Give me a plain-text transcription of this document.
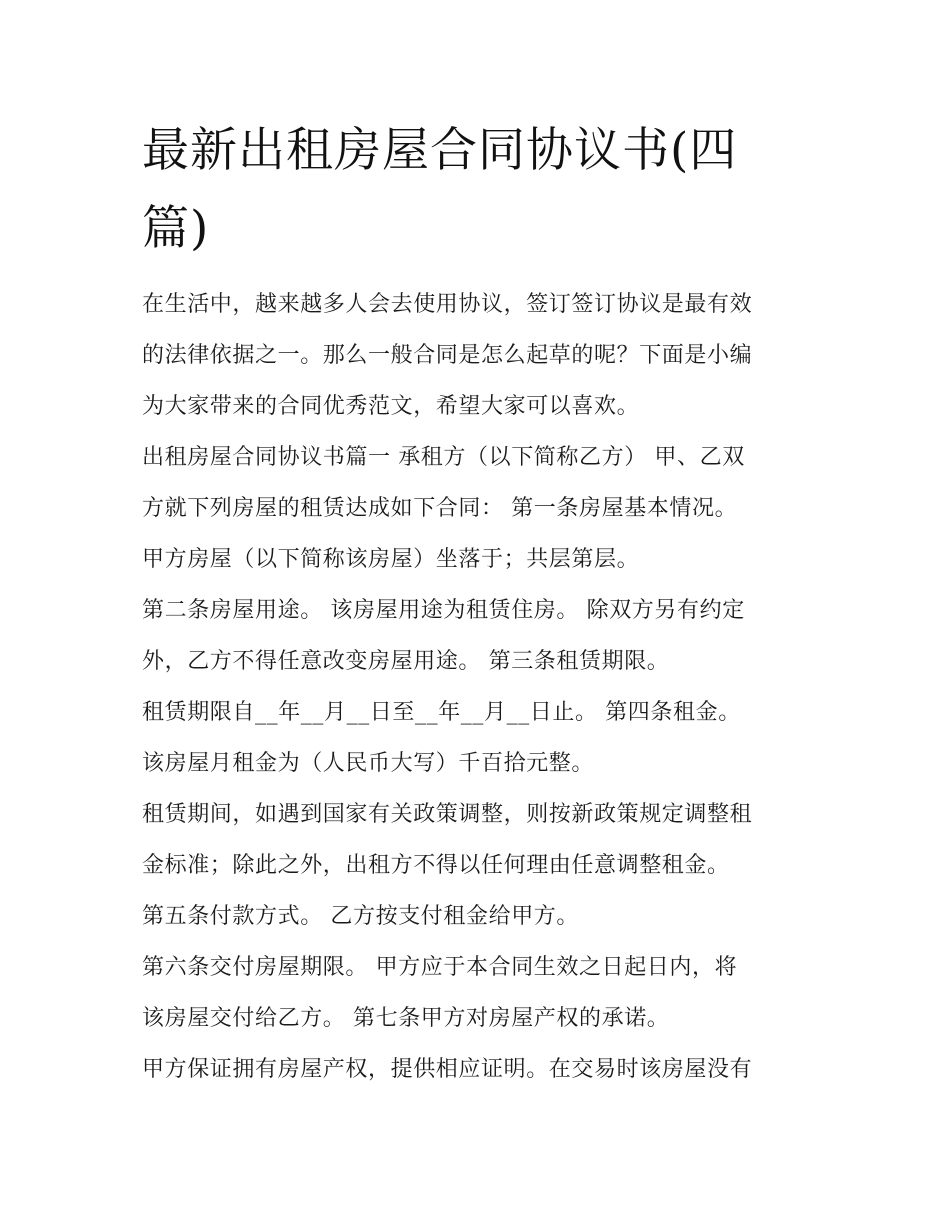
最新出租房屋合同协议书(四
篇)

在生活中，越来越多人会去使用协议，签订签订协议是最有效

的法律依据之一。那么一般合同是怎么起草的呢？下面是小编

为大家带来的合同优秀范文，希望大家可以喜欢。

出租房屋合同协议书篇一 承租方（以下简称乙方） 甲、乙双

方就下列房屋的租赁达成如下合同： 第一条房屋基本情况。

甲方房屋（以下简称该房屋）坐落于；共层第层。

第二条房屋用途。 该房屋用途为租赁住房。 除双方另有约定

外，乙方不得任意改变房屋用途。 第三条租赁期限。

租赁期限自__年__月__日至__年__月__日止。 第四条租金。

该房屋月租金为（人民币大写）千百拾元整。

租赁期间，如遇到国家有关政策调整，则按新政策规定调整租

金标准；除此之外，出租方不得以任何理由任意调整租金。

第五条付款方式。 乙方按支付租金给甲方。

第六条交付房屋期限。 甲方应于本合同生效之日起日内，将

该房屋交付给乙方。 第七条甲方对房屋产权的承诺。

甲方保证拥有房屋产权，提供相应证明。在交易时该房屋没有
